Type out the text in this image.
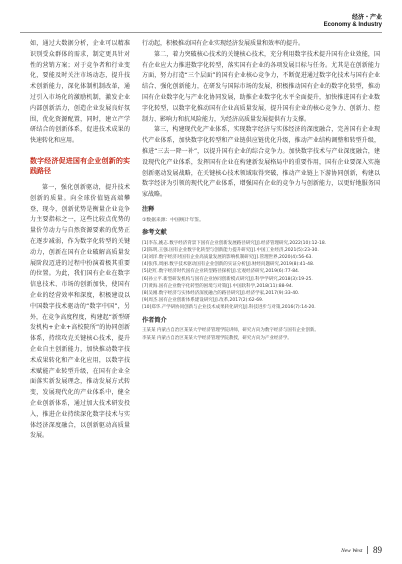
经济・产业
Economy & Industry

如，通过大数据分析，企业可以精准识别受众群体的需求，制定更具针对性的营销方案；对于竞争者和行业变化，要能及时关注市场动态，提升技术创新能力，深化体制机制改革，通过引入市场化的激励机制，激发企业内部创新活力，创造企业发展良好氛围，优化资源配置，同时，建立产学研结合的创新体系，促进技术成果的快速转化和应用。

数字经济促进国有企业创新的实践路径

第一，强化创新驱动，提升技术创新的质量。向全球价值链高端攀登，现今，创新优势是衡量企业竞争力主要指标之一，这些比较点优势的量价劳动力与自然资源要素的优势正在逐步减弱，作为数字化转型的关键动力，创新在国有企业破解高质量发展阶段迈进的过程中扮演着极其重要的位置。为此，我们国有企业在数字信息技术、市场的创新加快，使国有企业的经营效率和深度，积极建设以中国数字技术驱动的“数字中国”，另外，在竞争高度程度，构建起“新型研发机构+企业+高校院所”的协同创新体系，持续攻克关键核心技术，提升企业自主创新能力，加快推动数字技术成果转化和产业化应用，以数字技术赋能产业转型升级，在国有企业全面落实新发展理念，推动发展方式转变，发展现代化的产业体系中，健全企业创新体系，通过加大技术研发投入，推进企业持续深化数字技术与实体经济深度融合，以创新驱动高质量发展。

行动起，积极推动国有企业实现经济发展质量和效率的提升。

第二，着力突破核心技术的关键核心技术，充分利用数字技术提升国有企业效能，国有企业应大力推进数字化转型，落实国有企业的各项发展目标与任务。尤其是在创新能力方面，努力打造“三个层面”的国有企业核心竞争力，不断促进通过数字化技术与国有企业结合、强化创新能力，在研发与国际市场的发展，积极推动国有企业的数字化转型，推动国有企业数字化与产业化协同发展，助推企业数字化水平全面提升，加快推进国有企业数字化转型，以数字化推动国有企业高质量发展，提升国有企业的核心竞争力、创新力、控制力、影响力和抗风险能力，为经济高质量发展提供有力支撑。

第三，构建现代化产业体系，实现数字经济与实体经济的深度融合，完善国有企业现代产业体系，加快数字化转型和产业链供应链优化升级，推动产业结构调整和转型升级，推进“三去一降一补”，以提升国有企业的综合竞争力。加快数字技术与产业深度融合，建设现代化产业体系，发挥国有企业在构建新发展格局中的重要作用，国有企业要深入实施创新驱动发展战略，在关键核心技术领域取得突破，推动产业链上下游协同创新，构建以数字经济为引领的现代化产业体系，增强国有企业的竞争力与创新能力，以更好地服务国家战略。

注释

①数据来源：中国统计年鉴。

参考文献

[1]李东,姚志.数字经济背景下国有企业创新发展路径研究[J].经济管理研究,2022(10):12-18.

[2]陈明,王强.国有企业数字化转型与创新能力提升研究[J].中国工业经济,2021(5):23-30.

[3]刘洋.数字经济对国有企业高质量发展的影响机制研究[J].管理世界,2020(4):56-63.

[4]张伟,周丽.数字技术驱动国有企业创新的实证分析[J].财经问题研究,2019(8):41-48.

[5]赵红.数字经济时代国有企业转型路径探析[J].宏观经济研究,2019(6):77-84.

[6]孙立平.新型研发机构与国有企业协同创新模式研究[J].科学学研究,2018(3):19-25.

[7]黄海.国有企业数字化转型的困境与对策[J].中国软科学,2018(11):88-94.

[8]吴刚.数字经济与实体经济深度融合的路径研究[J].经济学家,2017(9):33-40.

[9]周杰.国有企业创新体系建设研究[J].改革,2017(2):62-69.

[10]郑华.产学研协同创新与企业技术成果转化研究[J].科技进步与对策,2016(7):14-20.

作者简介

王某某 内蒙古自治区某某大学经济管理学院讲师，研究方向为数字经济与国有企业创新。

李某某 内蒙古自治区某某大学经济管理学院教授，研究方向为产业经济学。

New West 89
